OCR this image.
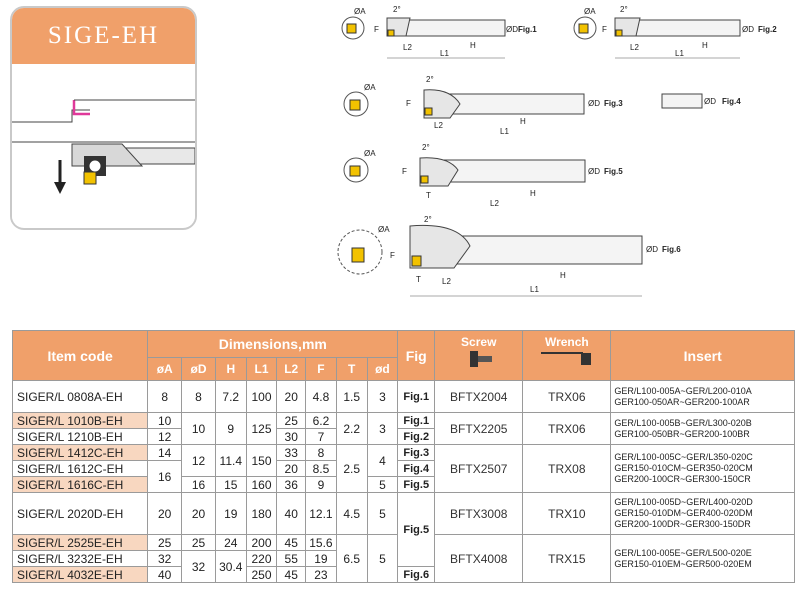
SIGE-EH
ØA	2°
F
L2
L1
H
ØD Fig.1
ØA	2°
F
L2
L1
H
ØD Fig.2
ØA
2°
F
L2
L1
H
ØD Fig.3	ØD Fig.4
ØA
2°
F
T
L2
H
ØD Fig.5
ØA
2°
F
T	L2
L1
H
ØD Fig.6
Item code	Dimensions,mm								Fig	Screw	Wrench	Insert
	øA	øD	H	L1	L2	F	T	ød				
SIGER/L 0808A-EH	8	8	7.2	100	20	4.8	1.5	3	Fig.1	BFTX2004	TRX06	GER/L100-005A~GER/L200-010A
GER100-050AR~GER200-100AR

SIGER/L 1010B-EH	10	10	9	125	25	6.2	2.2	3	Fig.1	BFTX2205	TRX06	GER/L100-005B~GER/L300-020B
GER100-050BR~GER200-100BR

SIGER/L 1210B-EH	12				30	7			Fig.2			
SIGER/L 1412C-EH	14	12	11.4	150	33	8	2.5	4	Fig.3	BFTX2507	TRX08	GER/L100-005C~GER/L350-020C
GER150-010CM~GER350-020CM
GER200-100CR~GER300-150CR

SIGER/L 1612C-EH	16				20	8.5			Fig.4			
SIGER/L 1616C-EH		16	15	160	36	9		5	Fig.5			
SIGER/L 2020D-EH	20	20	19	180	40	12.1	4.5	5	Fig.5	BFTX3008	TRX10	GER/L100-005D~GER/L400-020D
GER150-010DM~GER400-020DM
GER200-100DR~GER300-150DR

SIGER/L 2525E-EH	25	25	24	200	45	15.6	6.5	5		BFTX4008	TRX15	GER/L100-005E~GER/L500-020E
GER150-010EM~GER500-020EM

SIGER/L 3232E-EH	32	32	30.4	220	55	19						
SIGER/L 4032E-EH	40			250	45	23			Fig.6			
